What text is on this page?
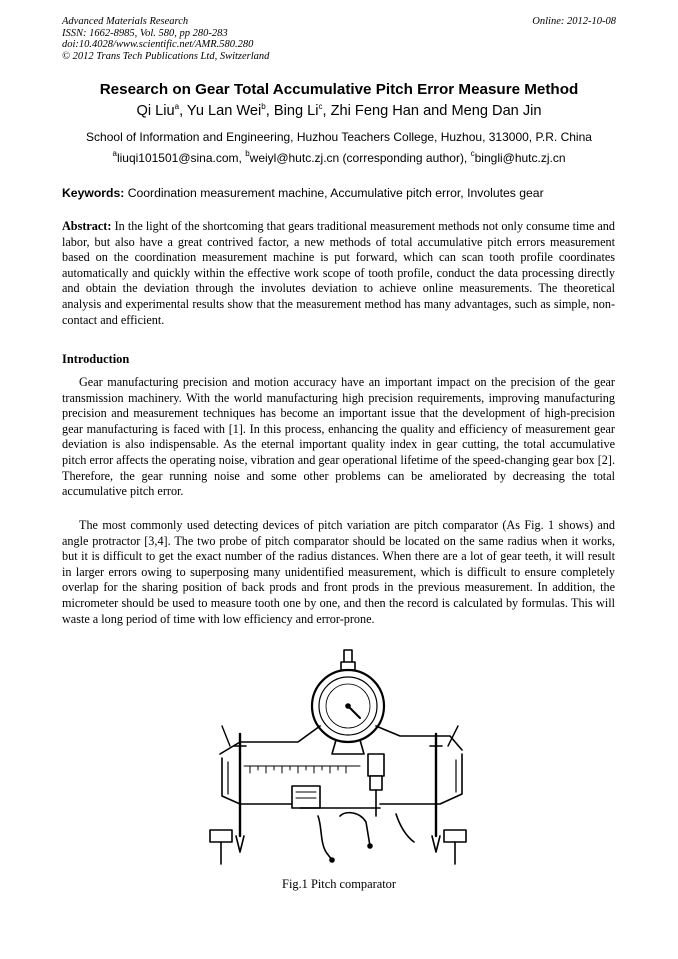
Advanced Materials Research
ISSN: 1662-8985, Vol. 580, pp 280-283
doi:10.4028/www.scientific.net/AMR.580.280
© 2012 Trans Tech Publications Ltd, Switzerland
Online: 2012-10-08
Research on Gear Total Accumulative Pitch Error Measure Method
Qi Liu$^a$, Yu Lan Wei$^b$, Bing Li$^c$, Zhi Feng Han and Meng Dan Jin
School of Information and Engineering, Huzhou Teachers College, Huzhou, 313000, P.R. China
$^a$liuqi101501@sina.com, $^b$weiyl@hutc.zj.cn (corresponding author), $^c$bingli@hutc.zj.cn
Keywords: Coordination measurement machine, Accumulative pitch error, Involutes gear
Abstract: In the light of the shortcoming that gears traditional measurement methods not only consume time and labor, but also have a great contrived factor, a new methods of total accumulative pitch errors measurement based on the coordination measurement machine is put forward, which can scan tooth profile coordinates automatically and quickly within the effective work scope of tooth profile, conduct the data processing directly and obtain the deviation through the involutes deviation to achieve online measurements. The theoretical analysis and experimental results show that the measurement method has many advantages, such as simple, non-contact and efficient.
Introduction
Gear manufacturing precision and motion accuracy have an important impact on the precision of the gear transmission machinery. With the world manufacturing high precision requirements, improving manufacturing precision and measurement techniques has become an important issue that the development of high-precision gear manufacturing is faced with [1]. In this process, enhancing the quality and efficiency of measurement gear deviation is also indispensable. As the eternal important quality index in gear cutting, the total accumulative pitch error affects the operating noise, vibration and gear operational lifetime of the speed-changing gear box [2]. Therefore, the gear running noise and some other problems can be ameliorated by decreasing the total accumulative pitch error.
The most commonly used detecting devices of pitch variation are pitch comparator (As Fig. 1 shows) and angle protractor [3,4]. The two probe of pitch comparator should be located on the same radius when it works, but it is difficult to get the exact number of the radius distances. When there are a lot of gear teeth, it will result in larger errors owing to superposing many unidentified measurement, which is difficult to ensure completely overlap for the sharing position of back prods and front prods in the previous measurement. In addition, the micrometer should be used to measure tooth one by one, and then the record is calculated by formulas. This will waste a long period of time with low efficiency and error-prone.
Fig.1 Pitch comparator
